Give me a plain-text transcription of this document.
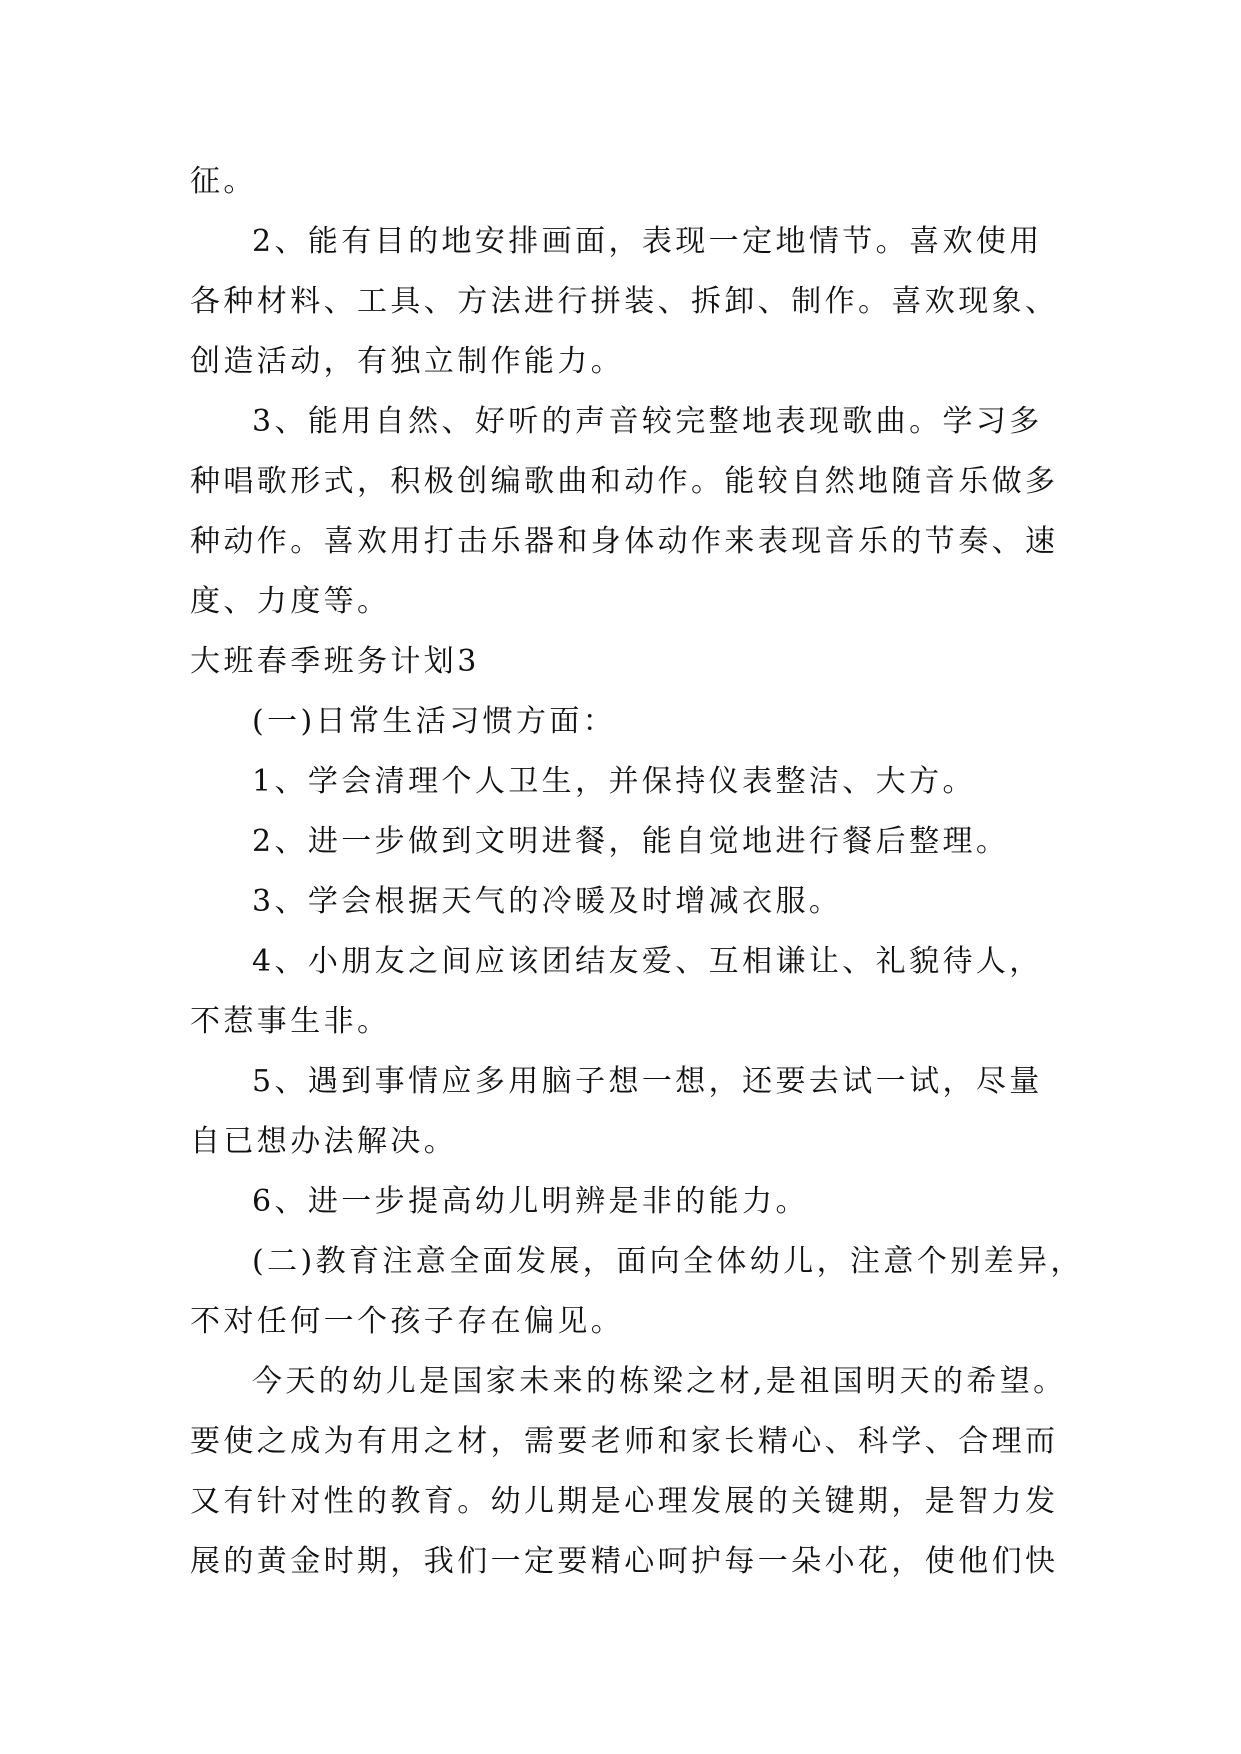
征。
2、能有目的地安排画面，表现一定地情节。喜欢使用
各种材料、工具、方法进行拼装、拆卸、制作。喜欢现象、
创造活动，有独立制作能力。
3、能用自然、好听的声音较完整地表现歌曲。学习多
种唱歌形式，积极创编歌曲和动作。能较自然地随音乐做多
种动作。喜欢用打击乐器和身体动作来表现音乐的节奏、速
度、力度等。
大班春季班务计划3
(一)日常生活习惯方面：
1、学会清理个人卫生，并保持仪表整洁、大方。
2、进一步做到文明进餐，能自觉地进行餐后整理。
3、学会根据天气的冷暖及时增减衣服。
4、小朋友之间应该团结友爱、互相谦让、礼貌待人，
不惹事生非。
5、遇到事情应多用脑子想一想，还要去试一试，尽量
自已想办法解决。
6、进一步提高幼儿明辨是非的能力。
(二)教育注意全面发展，面向全体幼儿，注意个别差异，
不对任何一个孩子存在偏见。
今天的幼儿是国家未来的栋梁之材,是祖国明天的希望。
要使之成为有用之材，需要老师和家长精心、科学、合理而
又有针对性的教育。幼儿期是心理发展的关键期，是智力发
展的黄金时期，我们一定要精心呵护每一朵小花，使他们快
